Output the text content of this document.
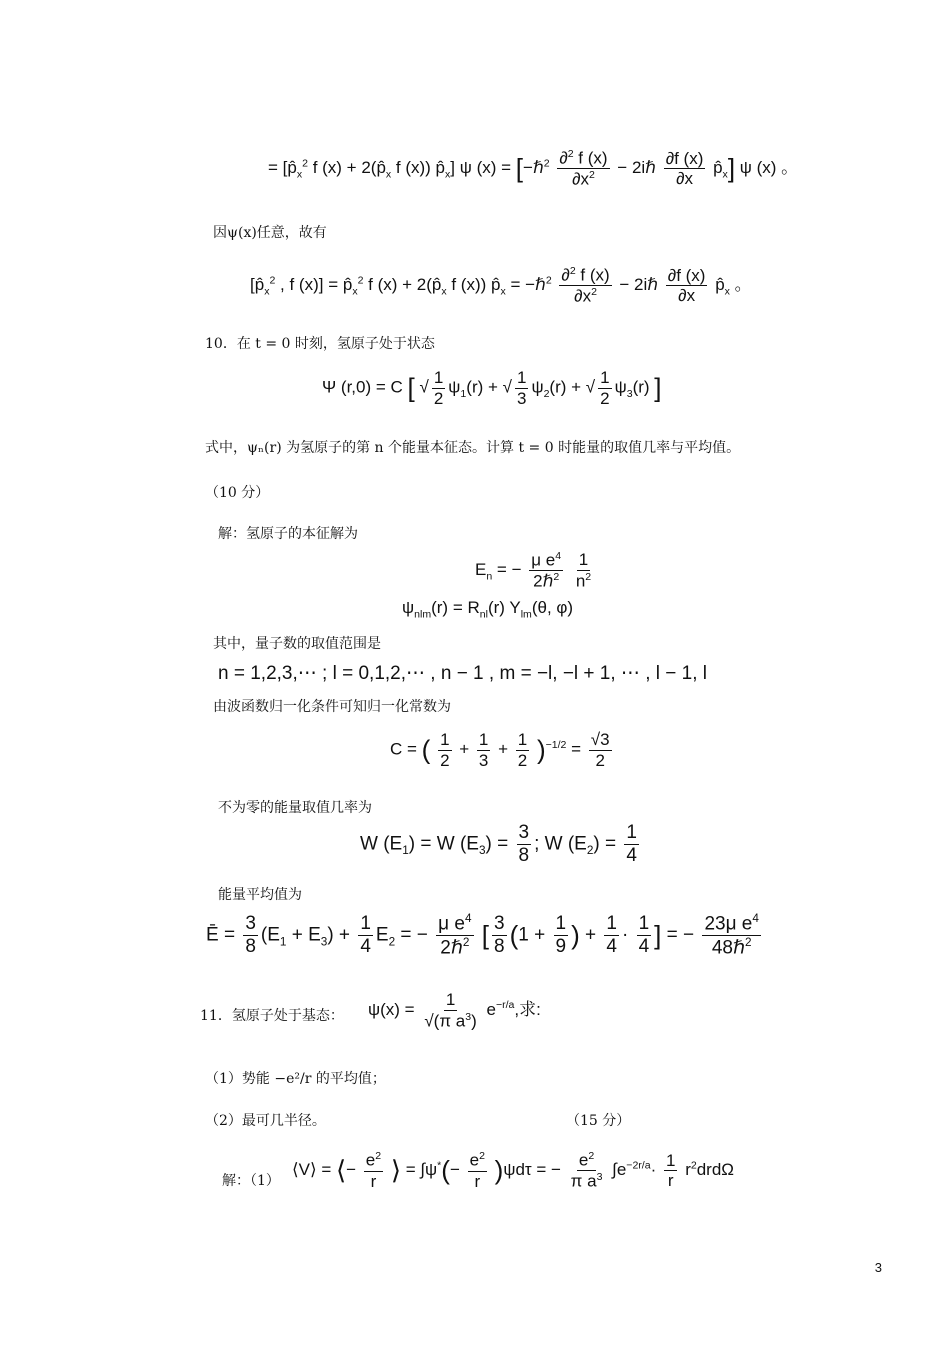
= [$p̂_x^2$ f $(x) + 2(p̂_x$ f (x)) $p̂_x$] ψ (x) = [−ℏ$^2$ $\frac{\partial^2 f (x)}{\partial x^2}$ − 2iℏ $\frac{\partial f (x)}{\partial x}$ $p̂_x$] ψ (x) 。
因ψ(x)任意，故有
[$p̂_x^2$ , f $(x)] = p̂_x^2$ f $(x) + 2(p̂_x$ f (x)) $p̂_x$ = −ℏ$^2$ $\frac{\partial^2 f (x)}{\partial x^2}$ − 2iℏ $\frac{\partial f (x)}{\partial x}$ $p̂_x$ 。
10．在 t = 0 时刻，氢原子处于状态
Ψ (r,0) = C [ √ $\frac{1}{2} \psi_1(r)$ + √ $\frac{1}{3} \psi_2(r)$ + √ $\frac{1}{2} \psi_3(r)$ ]
式中，ψₙ(r) 为氢原子的第 n 个能量本征态。计算 t = 0 时能量的取值几率与平均值。
（10 分）
解：氢原子的本征解为
$E_n$ = − $\frac{\mu e^4}{2\hbar^2}$
$\frac{1}{n^2}$
$\psi_{nlm}(r) = R_{nl}(r)$ $Y_{lm}(\theta$, φ)
其中，量子数的取值范围是
n = 1,2,3,⋯ ; l = 0,1,2,⋯ , n − 1 , m = −l, −l + 1, ⋯ , l − 1, l
由波函数归一化条件可知归一化常数为
C = ( $\frac{1}{2} + \frac{1}{3} + \frac{1}{2} )^{-1/2} = \frac{√3}{2}$
不为零的能量取值几率为
W $(E_1) = W$ $(E_3) = \frac{3}{8}$ ; W $(E_2) = \frac{1}{4}$
能量平均值为
Ē = $\frac{3}{8} (E_1 + E_3) + \frac{1}{4} E_2$ = − $\frac{\mu e^4}{2\hbar^2}$ [ $\frac{3}{8} (1 + \frac{1}{9}$ ) + $\frac{1}{4} \cdot \frac{1}{4}$ ] = − $\frac{23\mu e^4}{48\hbar^2}$
11．氢原子处于基态： $\psi(x) = \frac{1}{√(\pi a^3)} e^{-r/a}$,求:
（1）势能 −e²/r 的平均值；
（2）最可几半径。	（15 分）
解：（1）
⟨V⟩ = ⟨− $\frac{e^2}{r}$ ⟩ = $\int\psi^*(- \frac{e^2}{r} )\psi d\tau$ = − $\frac{e^2}{\pi a^3} \int e^{-2r/a}\cdot \frac{1}{r} r^2drd\Omega$
3
